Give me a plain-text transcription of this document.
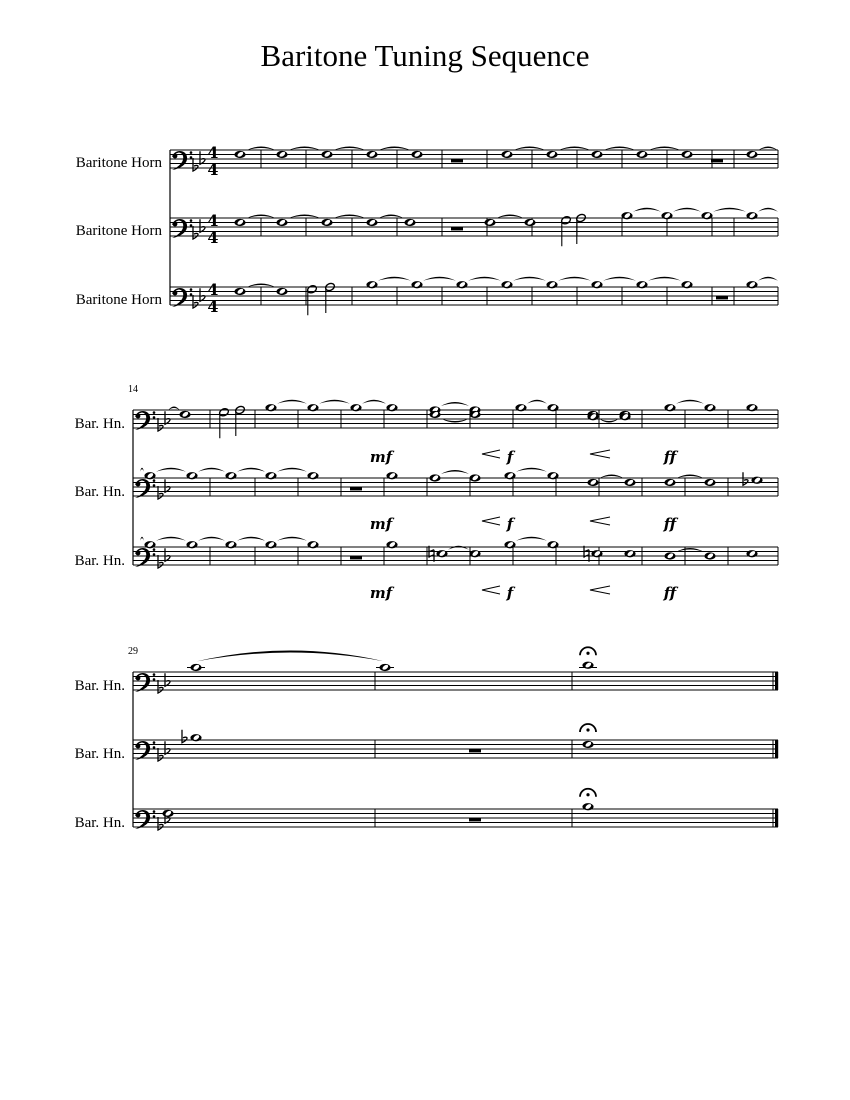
Baritone Tuning Sequence
Baritone Horn
Baritone Horn
Baritone Horn
Bar. Hn.
Bar. Hn.
Bar. Hn.
Bar. Hn.
Bar. Hn.
Bar. Hn.
14
29
4
4
4
4
4
4
mf	f	ff
mf	f	ff
mf	f	ff
